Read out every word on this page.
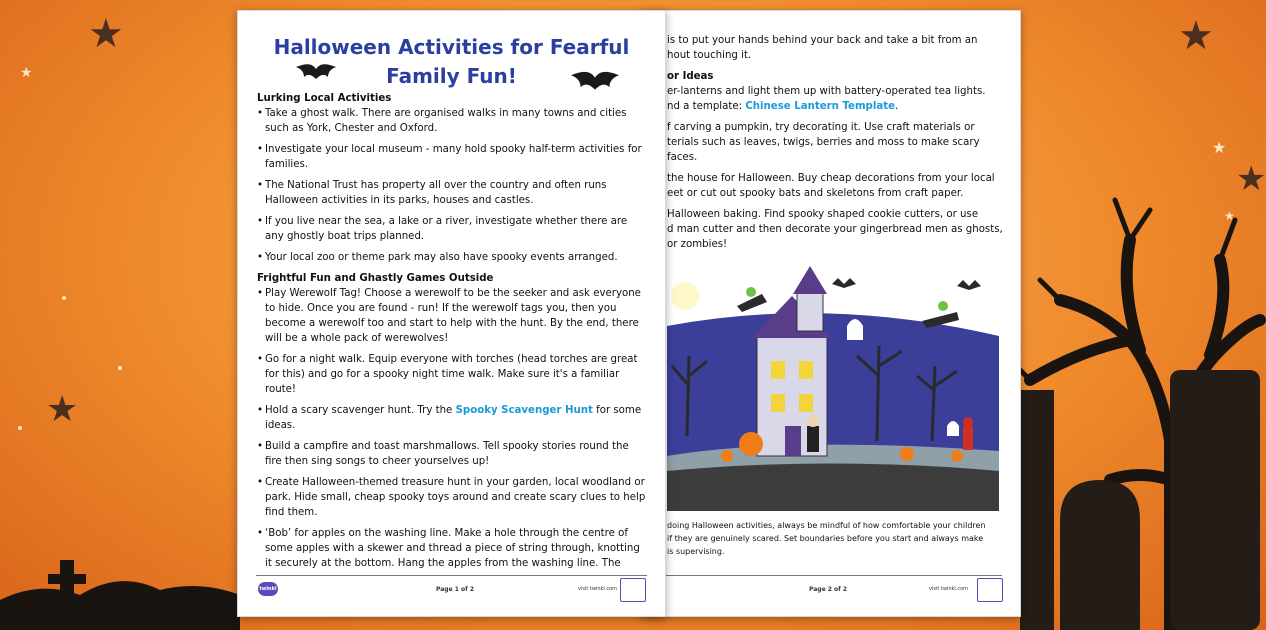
★
★
★
★
★
★
★
is to put your hands behind your back and take a bit from an
hout touching it.
or Ideas
er-lanterns and light them up with battery-operated tea lights.
nd a template: Chinese Lantern Template.
f carving a pumpkin, try decorating it. Use craft materials or
terials such as leaves, twigs, berries and moss to make scary
faces.
the house for Halloween. Buy cheap decorations from your local
eet or cut out spooky bats and skeletons from craft paper.
Halloween baking. Find spooky shaped cookie cutters, or use
d man cutter and then decorate your gingerbread men as ghosts,
or zombies!
doing Halloween activities, always be mindful of how comfortable your children
if they are genuinely scared. Set boundaries before you start and always make
is supervising.
Page 2 of 2	visit twinkl.com
Halloween Activities for Fearful
Family Fun!
Lurking Local Activities
• Take a ghost walk. There are organised walks in many towns and cities such as York, Chester and Oxford.
• Investigate your local museum - many hold spooky half-term activities for families.
• The National Trust has property all over the country and often runs Halloween activities in its parks, houses and castles.
• If you live near the sea, a lake or a river, investigate whether there are any ghostly boat trips planned.
• Your local zoo or theme park may also have spooky events arranged.
Frightful Fun and Ghastly Games Outside
• Play Werewolf Tag! Choose a werewolf to be the seeker and ask everyone to hide. Once you are found - run! If the werewolf tags you, then you become a werewolf too and start to help with the hunt. By the end, there will be a whole pack of werewolves!
• Go for a night walk. Equip everyone with torches (head torches are great for this) and go for a spooky night time walk. Make sure it's a familiar route!
• Hold a scary scavenger hunt. Try the Spooky Scavenger Hunt for some ideas.
• Build a campfire and toast marshmallows. Tell spooky stories round the fire then sing songs to cheer yourselves up!
• Create Halloween-themed treasure hunt in your garden, local woodland or park. Hide small, cheap spooky toys around and create scary clues to help find them.
• ‘Bob’ for apples on the washing line. Make a hole through the centre of some apples with a skewer and thread a piece of string through, knotting it securely at the bottom. Hang the apples from the washing line. The
twinkl	Page 1 of 2	visit twinkl.com
